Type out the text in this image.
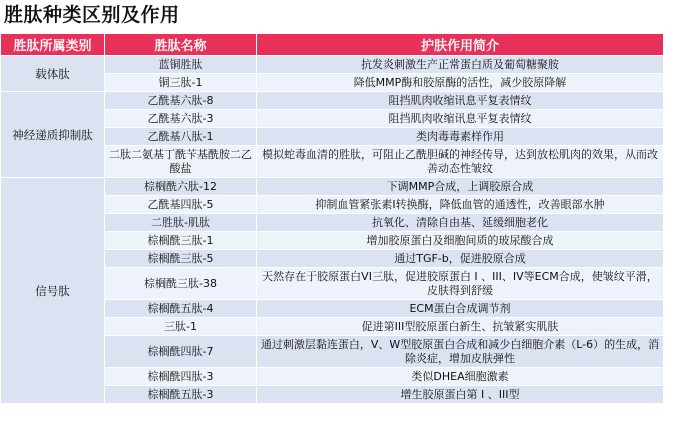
胜肽种类区别及作用
胜肽所属类别	胜肽名称	护肤作用简介
载体肽	蓝铜胜肽	抗发炎刺激生产正常蛋白质及葡萄糖聚胺
	铜三肽-1	降低MMP酶和胶原酶的活性，减少胶原降解
神经递质抑制肽	乙酰基六肽-8	阻挡肌肉收缩讯息平复表情纹
	乙酰基六肽-3	阻挡肌肉收缩讯息平复表情纹
	乙酰基八肽-1	类肉毒毒素样作用
	二肽二氨基丁酰苄基酰胺二乙酸盐	模拟蛇毒血清的胜肽，可阻止乙酰胆碱的神经传导，达到放松肌肉的效果，从而改善动态性皱纹
信号肽	棕榈酰六肽-12	下调MMP合成，上调胶原合成
	乙酰基四肽-5	抑制血管紧张素I转换酶，降低血管的通透性，改善眼部水肿
	二胜肽-肌肽	抗氧化、清除自由基、延缓细胞老化
	棕榈酰三肽-1	增加胶原蛋白及细胞间质的玻尿酸合成
	棕榈酰三肽-5	通过TGF-b，促进胶原合成
	棕榈酰三肽-38	天然存在于胶原蛋白VI三肽，促进胶原蛋白 I 、III、IV等ECM合成，使皱纹平滑，皮肤得到舒缓
	棕榈酰五肽-4	ECM蛋白合成调节剂
	三肽-1	促进第III型胶原蛋白新生、抗皱紧实肌肤
	棕榈酰四肽-7	通过刺激层黏连蛋白，V、W型胶原蛋白合成和减少白细胞介素（L-6）的生成，消除炎症，增加皮肤弹性
	棕榈酰四肽-3	类似DHEA细胞激素
	棕榈酰五肽-3	增生胶原蛋白第 I 、III型
